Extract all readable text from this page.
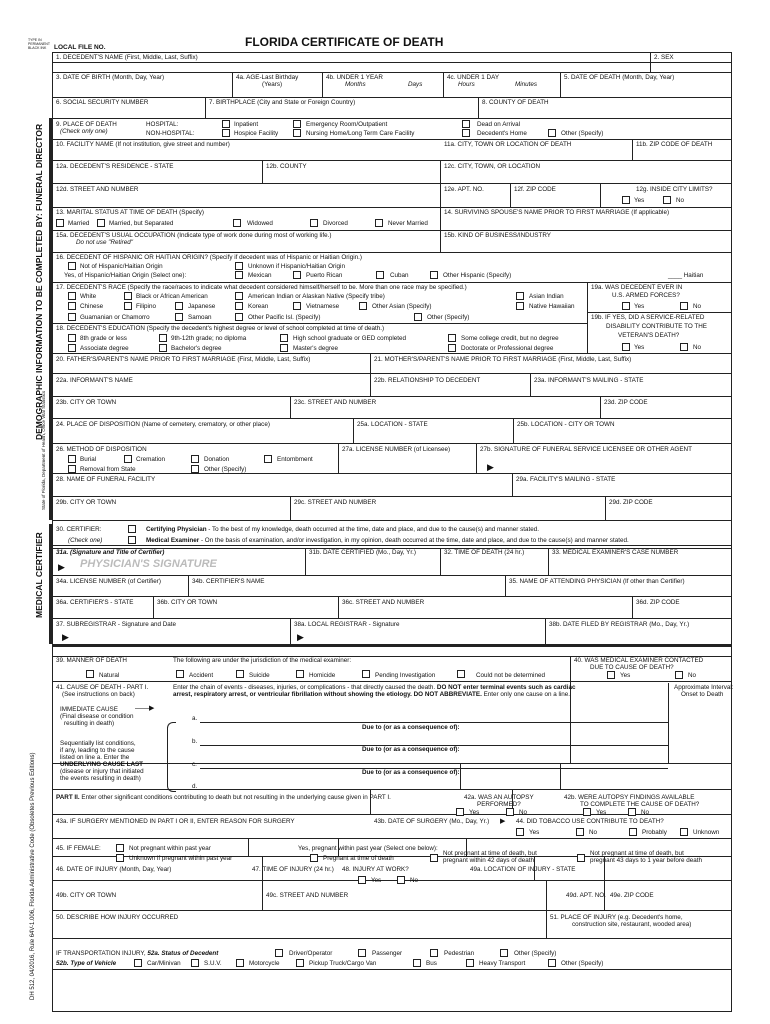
TYPE IN PERMANENT BLACK INK LOCAL FILE NO.	FLORIDA CERTIFICATE OF DEATH
DEMOGRAPHIC INFORMATION TO BE COMPLETED BY: FUNERAL DIRECTOR
State of Florida, Department of Health, Office Vital Statistics
MEDICAL CERTIFIER
DH 512, 04/2016, Rule 64V-1.006, Florida Administrative Code (Obsoletes Previous Editions)
1. DECEDENT'S NAME (First, Middle, Last, Suffix)	2. SEX
3. DATE OF BIRTH (Month, Day, Year)	4a. AGE-Last Birthday
(Years)
4b. UNDER 1 YEAR
Months	Days
4c. UNDER 1 DAY
Hours	Minutes
5. DATE OF DEATH (Month, Day, Year)
6. SOCIAL SECURITY NUMBER	7. BIRTHPLACE (City and State or Foreign Country)	8. COUNTY OF DEATH
9. PLACE OF DEATH
(Check only one)
HOSPITAL:
NON-HOSPITAL:
Inpatient	Emergency Room/Outpatient	Dead on Arrival
Hospice Facility	Nursing Home/Long Term Care Facility	Decedent's Home	Other (Specify)
10. FACILITY NAME (If not institution, give street and number)	11a. CITY, TOWN OR LOCATION OF DEATH	11b. ZIP CODE OF DEATH
12a. DECEDENT'S RESIDENCE - STATE	12b. COUNTY	12c. CITY, TOWN, OR LOCATION
12d. STREET AND NUMBER	12e. APT. NO.	12f. ZIP CODE	12g. INSIDE CITY LIMITS?
Yes	No
13. MARITAL STATUS AT TIME OF DEATH (Specify)
Married	Married, but Separated	Widowed	Divorced	Never Married
14. SURVIVING SPOUSE'S NAME PRIOR TO FIRST MARRIAGE (If applicable)
15a. DECEDENT'S USUAL OCCUPATION (Indicate type of work done during most of working life.)
Do not use "Retired"
15b. KIND OF BUSINESS/INDUSTRY
16. DECEDENT OF HISPANIC OR HAITIAN ORIGIN? (Specify if decedent was of Hispanic or Haitian Origin.)
Not of Hispanic/Haitian Origin	Unknown if Hispanic/Haitian Origin
Yes, of Hispanic/Haitian Origin (Select one):	Mexican	Puerto Rican	Cuban	Other Hispanic (Specify)	____ Haitian
17. DECEDENT'S RACE (Specify the race/races to indicate what decedent considered himself/herself to be. More than one race may be specified.)
White	Black or African American	American Indian or Alaskan Native (Specify tribe)	Asian Indian
Chinese	Filipino	Japanese	Korean	Vietnamese	Other Asian (Specify)	Native Hawaiian
Guamanian or Chamorro	Samoan	Other Pacific Isl. (Specify)	Other (Specify)
19a. WAS DECEDENT EVER IN
U.S. ARMED FORCES?
Yes	No
18. DECEDENT'S EDUCATION (Specify the decedent's highest degree or level of school completed at time of death.)
8th grade or less	9th-12th grade; no diploma	High school graduate or GED completed	Some college credit, but no degree
Associate degree	Bachelor's degree	Master's degree	Doctorate or Professional degree
19b. IF YES, DID A SERVICE-RELATED
DISABILITY CONTRIBUTE TO THE
VETERAN'S DEATH?
Yes	No
20. FATHER'S/PARENT'S NAME PRIOR TO FIRST MARRIAGE (First, Middle, Last, Suffix)	21. MOTHER'S/PARENT'S NAME PRIOR TO FIRST MARRIAGE (First, Middle, Last, Suffix)
22a. INFORMANT'S NAME	22b. RELATIONSHIP TO DECEDENT	23a. INFORMANT'S MAILING - STATE
23b. CITY OR TOWN	23c. STREET AND NUMBER	23d. ZIP CODE
24. PLACE OF DISPOSITION (Name of cemetery, crematory, or other place)	25a. LOCATION - STATE	25b. LOCATION - CITY OR TOWN
26. METHOD OF DISPOSITION
Burial	Cremation	Donation	Entombment
Removal from State	Other (Specify)
27a. LICENSE NUMBER (of Licensee)	27b. SIGNATURE OF FUNERAL SERVICE LICENSEE OR OTHER AGENT
▶
28. NAME OF FUNERAL FACILITY	29a. FACILITY'S MAILING - STATE
29b. CITY OR TOWN	29c. STREET AND NUMBER	29d. ZIP CODE
30. CERTIFIER:
(Check one)
Certifying Physician - To the best of my knowledge, death occurred at the time, date and place, and due to the cause(s) and manner stated.
Medical Examiner - On the basis of examination, and/or investigation, in my opinion, death occurred at the time, date and place, and due to the cause(s) and manner stated.
31a. (Signature and Title of Certifier)	31b. DATE CERTIFIED (Mo., Day, Yr.)	32. TIME OF DEATH (24 hr.)	33. MEDICAL EXAMINER'S CASE NUMBER
▶ PHYSICIAN'S SIGNATURE
34a. LICENSE NUMBER (of Certifier)	34b. CERTIFIER'S NAME	35. NAME OF ATTENDING PHYSICIAN (If other than Certifier)
36a. CERTIFIER'S - STATE	36b. CITY OR TOWN	36c. STREET AND NUMBER	36d. ZIP CODE
37. SUBREGISTRAR - Signature and Date
▶
38a. LOCAL REGISTRAR - Signature
▶
38b. DATE FILED BY REGISTRAR (Mo., Day, Yr.)
39. MANNER OF DEATH	The following are under the jurisdiction of the medical examiner:
Natural	Accident	Suicide	Homicide	Pending Investigation	Could not be determined
40. WAS MEDICAL EXAMINER CONTACTED
DUE TO CAUSE OF DEATH?
Yes	No
41. CAUSE OF DEATH - PART I.
(See instructions on back)
Enter the chain of events - diseases, injuries, or complications - that directly caused the death. DO NOT enter terminal events such as cardiac
arrest, respiratory arrest, or ventricular fibrillation without showing the etiology. DO NOT ABBREVIATE. Enter only one cause on a line.
Approximate Interval:
Onset to Death
IMMEDIATE CAUSE
(Final disease or condition
resulting in death)
——▶
Sequentially list conditions,
if any, leading to the cause
listed on line a. Enter the
UNDERLYING CAUSE LAST
(disease or injury that initiated
the events resulting in death)
a.
Due to (or as a consequence of):
b.
Due to (or as a consequence of):
c.
Due to (or as a consequence of):
d.
PART II. Enter other significant conditions contributing to death but not resulting in the underlying cause given in PART I.	42a. WAS AN AUTOPSY
PERFORMED?
Yes	No
42b. WERE AUTOPSY FINDINGS AVAILABLE
TO COMPLETE THE CAUSE OF DEATH?
Yes	No
43a. IF SURGERY MENTIONED IN PART I OR II, ENTER REASON FOR SURGERY	43b. DATE OF SURGERY (Mo., Day, Yr.) ▶ 44. DID TOBACCO USE CONTRIBUTE TO DEATH?
Yes	No	Probably	Unknown
45. IF FEMALE:	Not pregnant within past year	Yes, pregnant within past year (Select one below):
Unknown if pregnant within past year	Pregnant at time of death
Not pregnant at time of death, but
pregnant within 42 days of death
Not pregnant at time of death, but
pregnant 43 days to 1 year before death
46. DATE OF INJURY (Month, Day, Year)	47. TIME OF INJURY (24 hr.) 48. INJURY AT WORK?
Yes	No
49a. LOCATION OF INJURY - STATE
49b. CITY OR TOWN	49c. STREET AND NUMBER	49d. APT. NO. 49e. ZIP CODE
50. DESCRIBE HOW INJURY OCCURRED	51. PLACE OF INJURY (e.g. Decedent's home,
construction site, restaurant, wooded area)
IF TRANSPORTATION INJURY, 52a. Status of Decedent	Driver/Operator	Passenger	Pedestrian	Other (Specify)
52b. Type of Vehicle	Car/Minivan	S.U.V.	Motorcycle	Pickup Truck/Cargo Van	Bus	Heavy Transport	Other (Specify)
